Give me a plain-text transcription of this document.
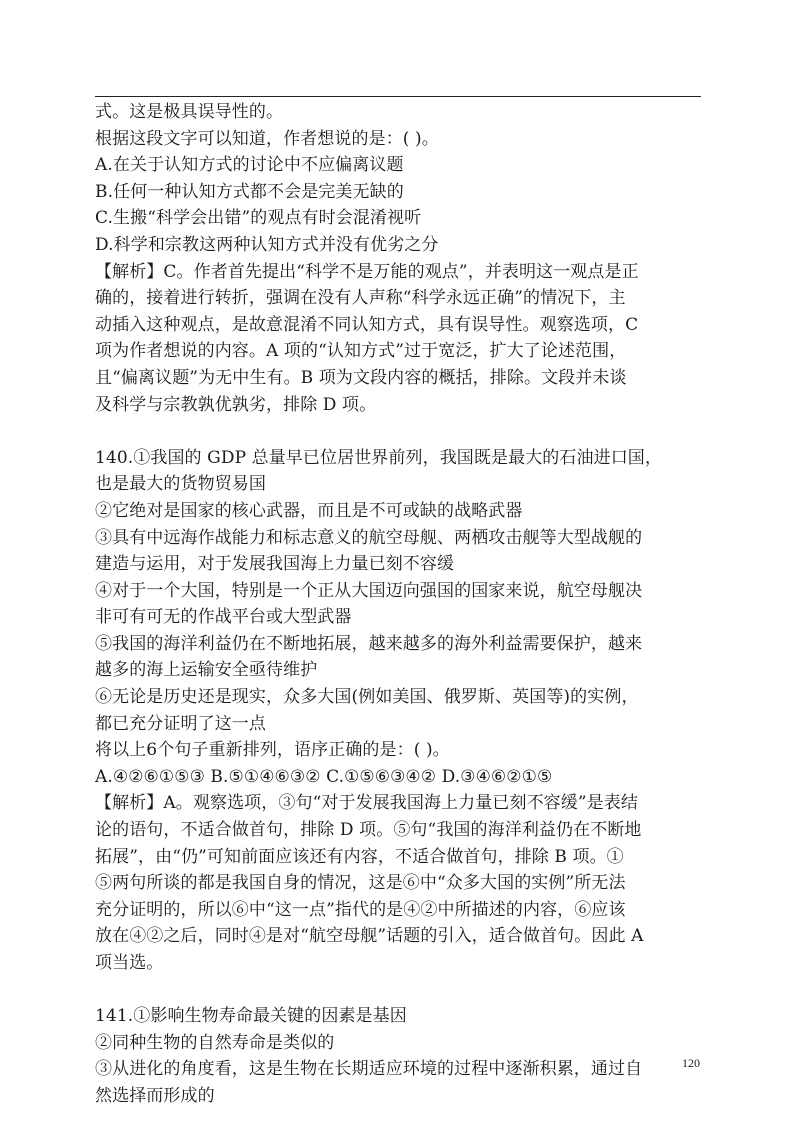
式。这是极具误导性的。
根据这段文字可以知道，作者想说的是：( )。
A.在关于认知方式的讨论中不应偏离议题
B.任何一种认知方式都不会是完美无缺的
C.生搬“科学会出错”的观点有时会混淆视听
D.科学和宗教这两种认知方式并没有优劣之分
【解析】C。作者首先提出“科学不是万能的观点”，并表明这一观点是正
确的，接着进行转折，强调在没有人声称“科学永远正确”的情况下，主
动插入这种观点，是故意混淆不同认知方式，具有误导性。观察选项，C
项为作者想说的内容。A 项的“认知方式”过于宽泛，扩大了论述范围，
且“偏离议题”为无中生有。B 项为文段内容的概括，排除。文段并未谈
及科学与宗教孰优孰劣，排除 D 项。
140.①我国的 GDP 总量早已位居世界前列，我国既是最大的石油进口国，
也是最大的货物贸易国
②它绝对是国家的核心武器，而且是不可或缺的战略武器
③具有中远海作战能力和标志意义的航空母舰、两栖攻击舰等大型战舰的
建造与运用，对于发展我国海上力量已刻不容缓
④对于一个大国，特别是一个正从大国迈向强国的国家来说，航空母舰决
非可有可无的作战平台或大型武器
⑤我国的海洋利益仍在不断地拓展，越来越多的海外利益需要保护，越来
越多的海上运输安全亟待维护
⑥无论是历史还是现实，众多大国(例如美国、俄罗斯、英国等)的实例，
都已充分证明了这一点
将以上6个句子重新排列，语序正确的是：( )。
A.④②⑥①⑤③ B.⑤①④⑥③② C.①⑤⑥③④② D.③④⑥②①⑤
【解析】A。观察选项，③句“对于发展我国海上力量已刻不容缓”是表结
论的语句，不适合做首句，排除 D 项。⑤句“我国的海洋利益仍在不断地
拓展”，由“仍”可知前面应该还有内容，不适合做首句，排除 B 项。①
⑤两句所谈的都是我国自身的情况，这是⑥中“众多大国的实例”所无法
充分证明的，所以⑥中“这一点”指代的是④②中所描述的内容，⑥应该
放在④②之后，同时④是对“航空母舰”话题的引入，适合做首句。因此 A
项当选。
141.①影响生物寿命最关键的因素是基因
②同种生物的自然寿命是类似的
③从进化的角度看，这是生物在长期适应环境的过程中逐渐积累，通过自
然选择而形成的
120
